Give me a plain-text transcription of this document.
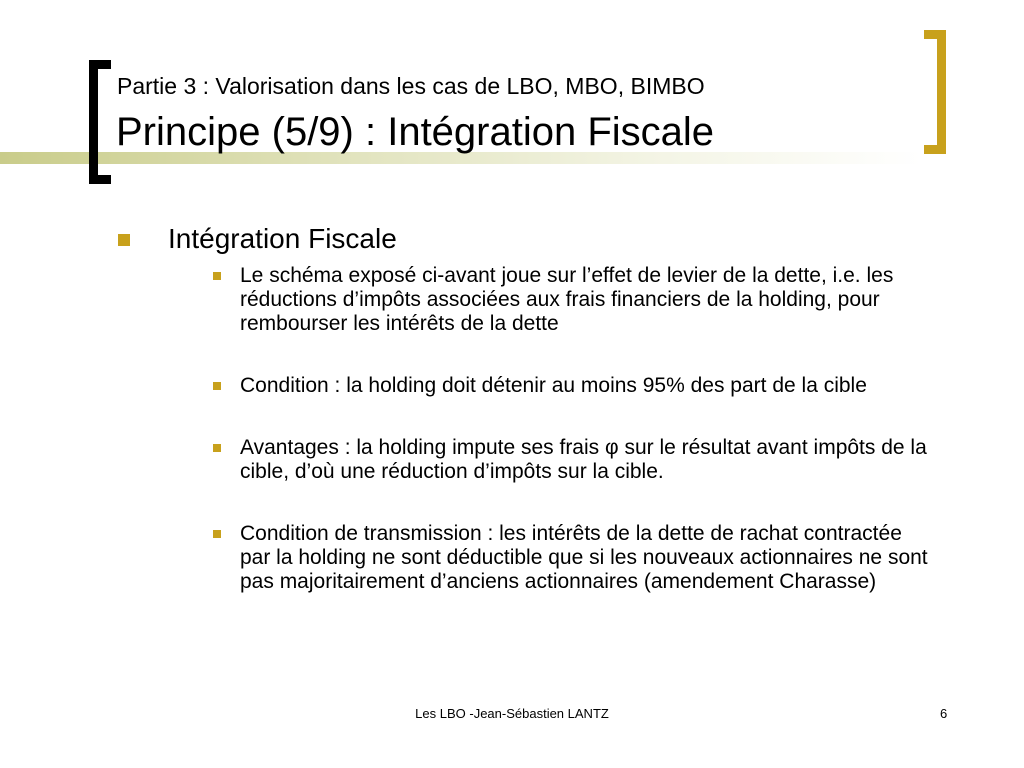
Partie 3 : Valorisation dans les cas de LBO, MBO, BIMBO
Principe (5/9) : Intégration Fiscale
Intégration Fiscale
Le schéma exposé ci-avant joue sur l’effet de levier de la dette, i.e. les réductions d’impôts associées aux frais financiers de la holding, pour rembourser les intérêts de la dette
Condition : la holding doit détenir au moins 95% des part de la cible
Avantages : la holding impute ses frais φ sur le résultat avant impôts de la cible, d’où une réduction d’impôts sur la cible.
Condition de transmission : les intérêts de la dette de rachat contractée par la holding ne sont déductible que si les nouveaux actionnaires ne sont pas majoritairement d’anciens actionnaires (amendement Charasse)
Les LBO -Jean-Sébastien LANTZ	6
